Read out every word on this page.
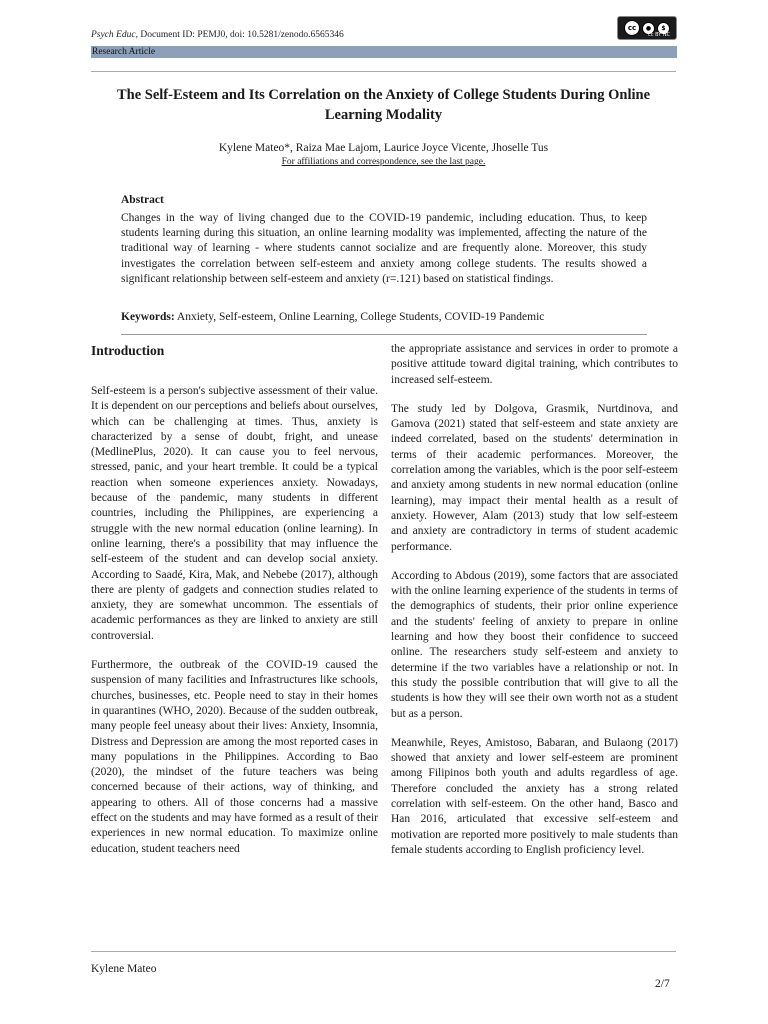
Psych Educ, Document ID: PEMJ0, doi: 10.5281/zenodo.6565346
cc	●	$
cc BY NC
Research Article
The Self-Esteem and Its Correlation on the Anxiety of College Students During Online Learning Modality
Kylene Mateo*, Raiza Mae Lajom, Laurice Joyce Vicente, Jhoselle Tus
For affiliations and correspondence, see the last page.
Abstract
Changes in the way of living changed due to the COVID-19 pandemic, including education. Thus, to keep students learning during this situation, an online learning modality was implemented, affecting the nature of the traditional way of learning - where students cannot socialize and are frequently alone. Moreover, this study investigates the correlation between self-esteem and anxiety among college students. The results showed a significant relationship between self-esteem and anxiety (r=.121) based on statistical findings.
Keywords: Anxiety, Self-esteem, Online Learning, College Students, COVID-19 Pandemic
Introduction

Self-esteem is a person's subjective assessment of their value. It is dependent on our perceptions and beliefs about ourselves, which can be challenging at times. Thus, anxiety is characterized by a sense of doubt, fright, and unease (MedlinePlus, 2020). It can cause you to feel nervous, stressed, panic, and your heart tremble. It could be a typical reaction when someone experiences anxiety. Nowadays, because of the pandemic, many students in different countries, including the Philippines, are experiencing a struggle with the new normal education (online learning). In online learning, there's a possibility that may influence the self-esteem of the student and can develop social anxiety. According to Saadé, Kira, Mak, and Nebebe (2017), although there are plenty of gadgets and connection studies related to anxiety, they are somewhat uncommon. The essentials of academic performances as they are linked to anxiety are still controversial.

Furthermore, the outbreak of the COVID-19 caused the suspension of many facilities and Infrastructures like schools, churches, businesses, etc. People need to stay in their homes in quarantines (WHO, 2020). Because of the sudden outbreak, many people feel uneasy about their lives: Anxiety, Insomnia, Distress and Depression are among the most reported cases in many populations in the Philippines. According to Bao (2020), the mindset of the future teachers was being concerned because of their actions, way of thinking, and appearing to others. All of those concerns had a massive effect on the students and may have formed as a result of their experiences in new normal education. To maximize online education, student teachers need

the appropriate assistance and services in order to promote a positive attitude toward digital training, which contributes to increased self-esteem.

The study led by Dolgova, Grasmik, Nurtdinova, and Gamova (2021) stated that self-esteem and state anxiety are indeed correlated, based on the students' determination in terms of their academic performances. Moreover, the correlation among the variables, which is the poor self-esteem and anxiety among students in new normal education (online learning), may impact their mental health as a result of anxiety. However, Alam (2013) study that low self-esteem and anxiety are contradictory in terms of student academic performance.

According to Abdous (2019), some factors that are associated with the online learning experience of the students in terms of the demographics of students, their prior online experience and the students' feeling of anxiety to prepare in online learning and how they boost their confidence to succeed online. The researchers study self-esteem and anxiety to determine if the two variables have a relationship or not. In this study the possible contribution that will give to all the students is how they will see their own worth not as a student but as a person.

Meanwhile, Reyes, Amistoso, Babaran, and Bulaong (2017) showed that anxiety and lower self-esteem are prominent among Filipinos both youth and adults regardless of age. Therefore concluded the anxiety has a strong related correlation with self-esteem. On the other hand, Basco and Han 2016, articulated that excessive self-esteem and motivation are reported more positively to male students than female students according to English proficiency level.

Kylene Mateo
2/7
